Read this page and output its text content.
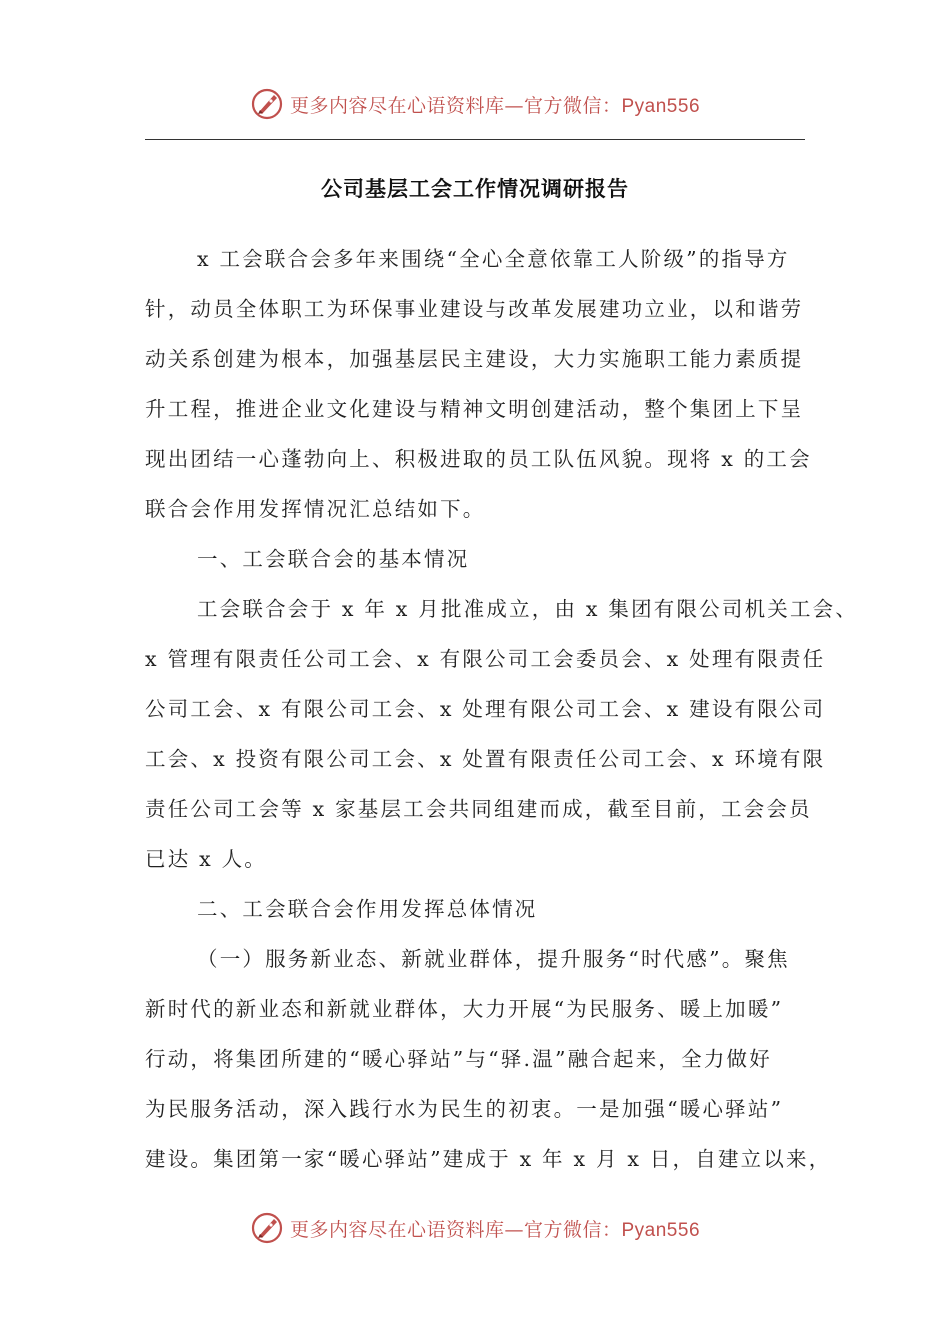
更多内容尽在心语资料库—官方微信：Pyan556
公司基层工会工作情况调研报告
x 工会联合会多年来围绕“全心全意依靠工人阶级”的指导方
针，动员全体职工为环保事业建设与改革发展建功立业，以和谐劳
动关系创建为根本，加强基层民主建设，大力实施职工能力素质提
升工程，推进企业文化建设与精神文明创建活动，整个集团上下呈
现出团结一心蓬勃向上、积极进取的员工队伍风貌。现将 x 的工会
联合会作用发挥情况汇总结如下。
一、工会联合会的基本情况
工会联合会于 x 年 x 月批准成立，由 x 集团有限公司机关工会、
x 管理有限责任公司工会、x 有限公司工会委员会、x 处理有限责任
公司工会、x 有限公司工会、x 处理有限公司工会、x 建设有限公司
工会、x 投资有限公司工会、x 处置有限责任公司工会、x 环境有限
责任公司工会等 x 家基层工会共同组建而成，截至目前，工会会员
已达 x 人。
二、工会联合会作用发挥总体情况
（一）服务新业态、新就业群体，提升服务“时代感”。聚焦
新时代的新业态和新就业群体，大力开展“为民服务、暖上加暖”
行动，将集团所建的“暖心驿站”与“驿.温”融合起来，全力做好
为民服务活动，深入践行水为民生的初衷。一是加强“暖心驿站”
建设。集团第一家“暖心驿站”建成于 x 年 x 月 x 日，自建立以来，
更多内容尽在心语资料库—官方微信：Pyan556
